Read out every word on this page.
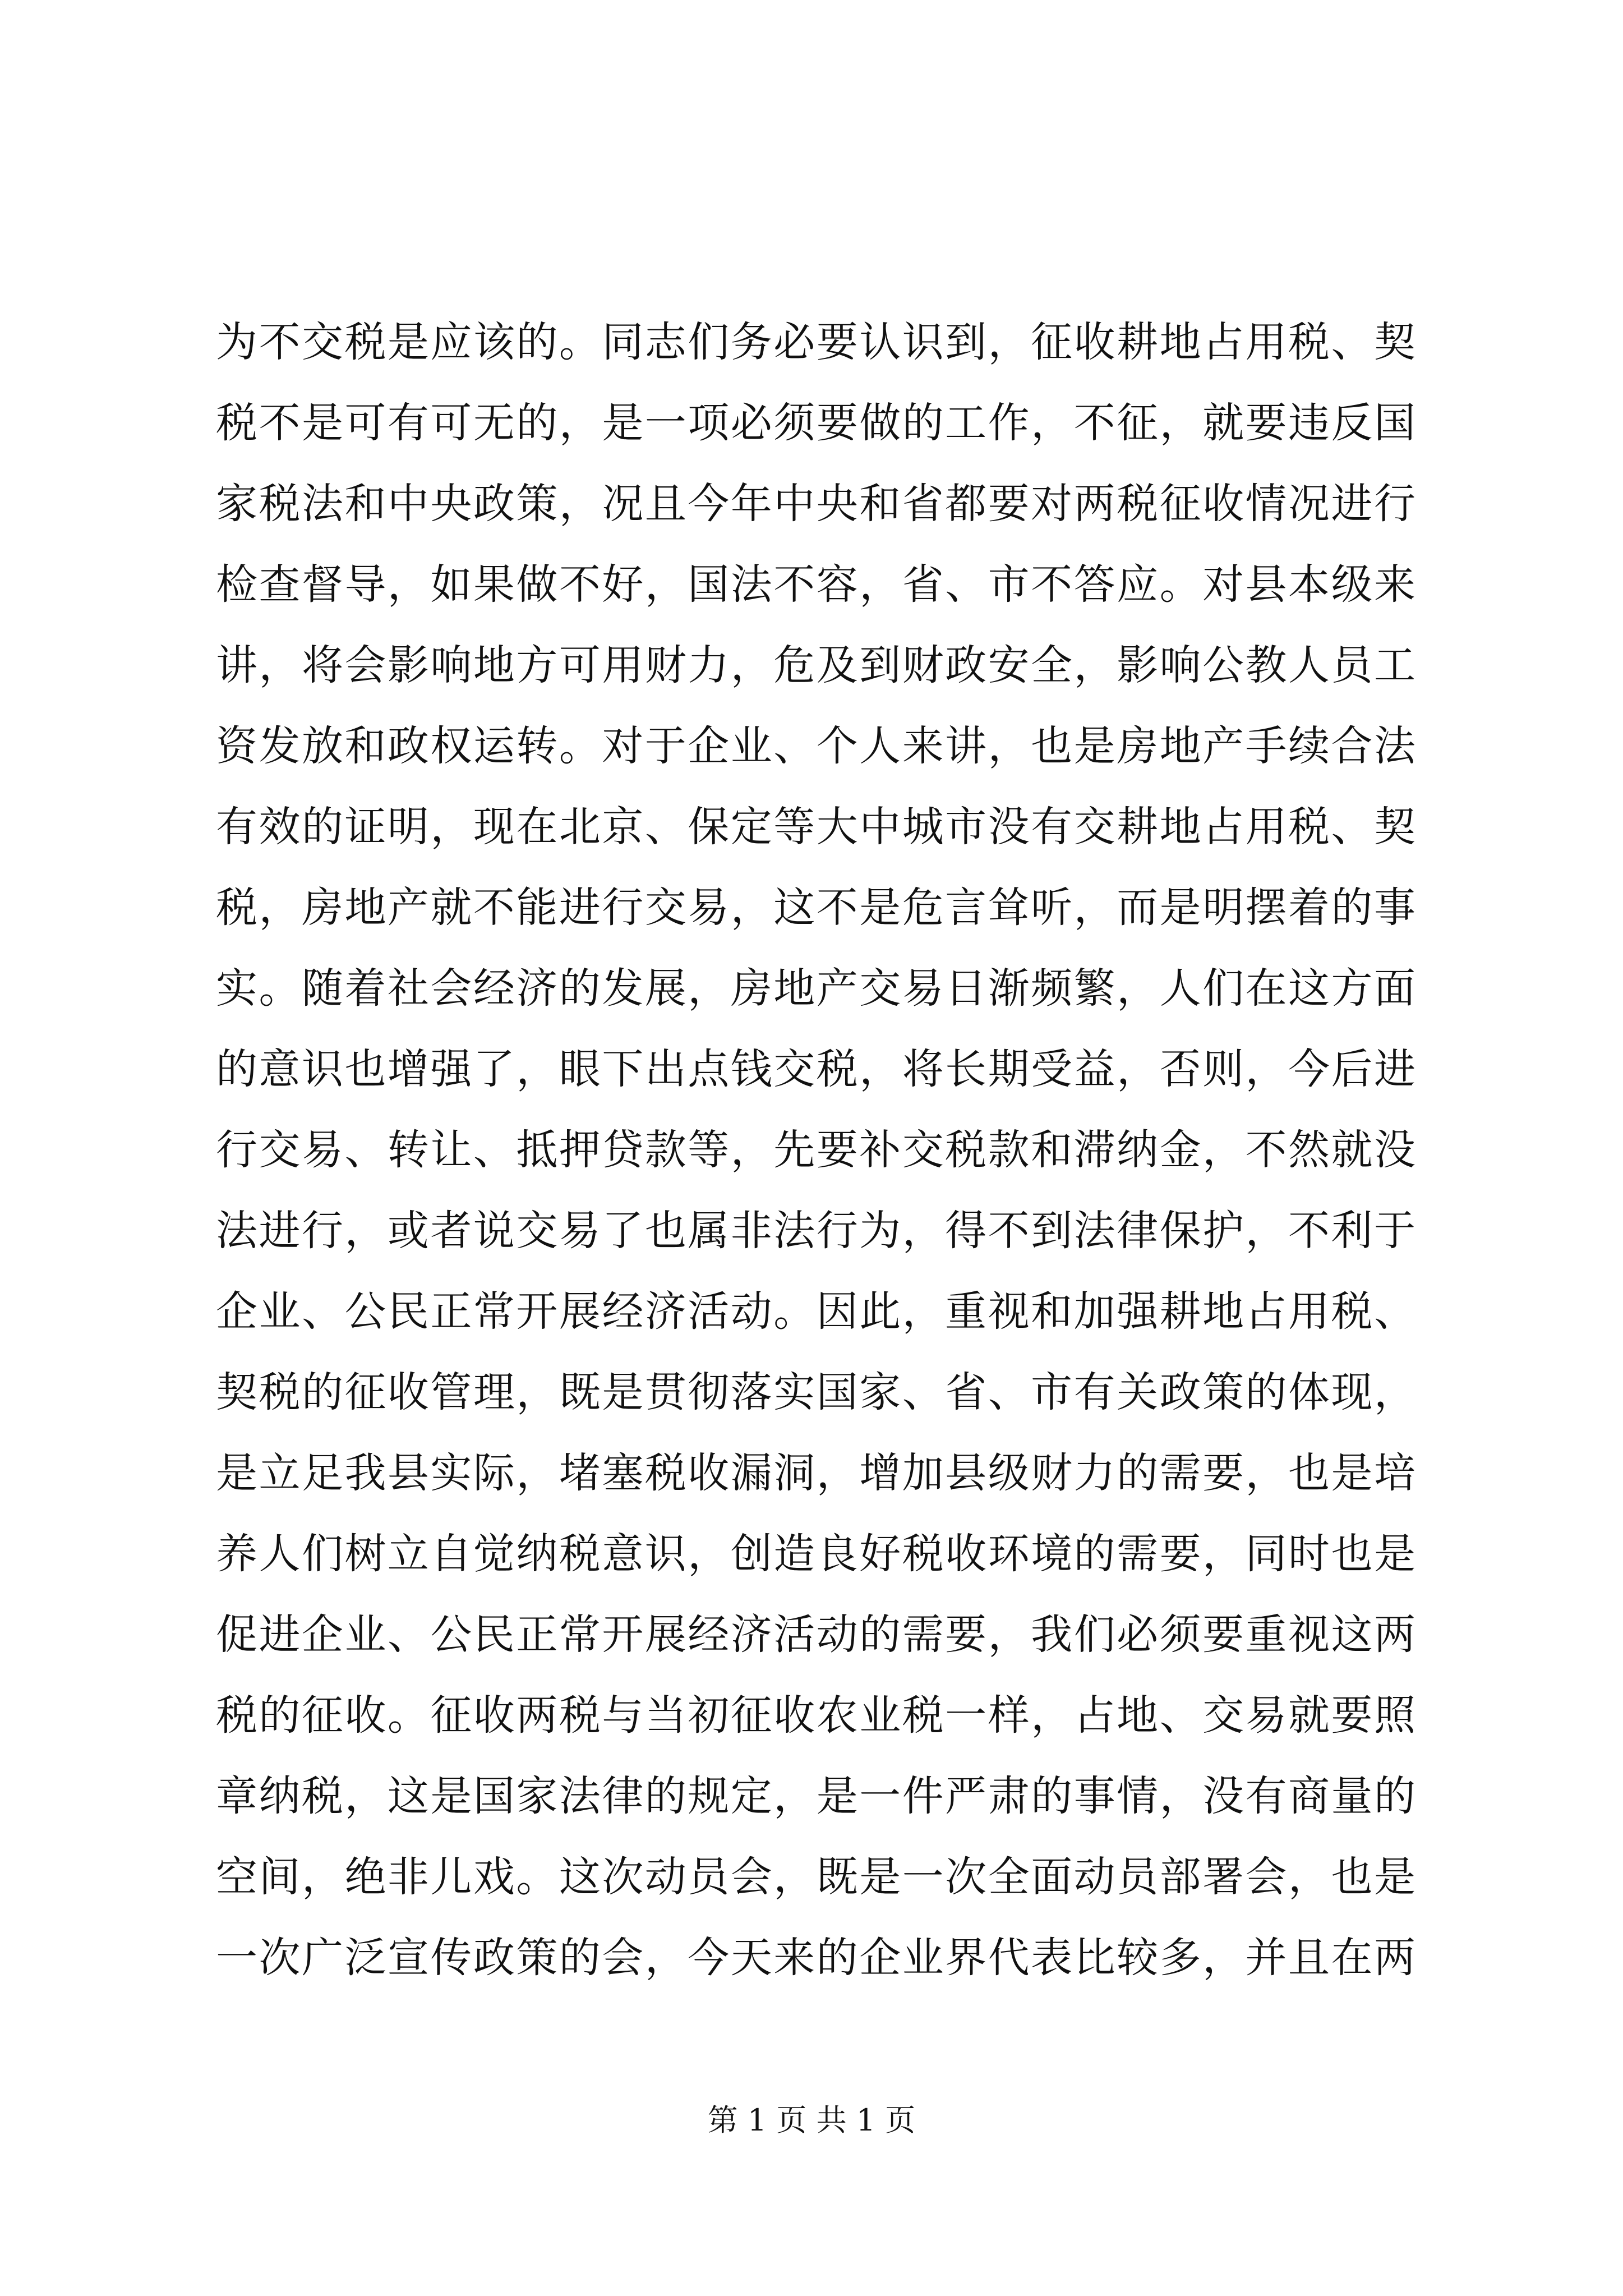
为不交税是应该的。同志们务必要认识到，征收耕地占用税、契
税不是可有可无的，是一项必须要做的工作，不征，就要违反国
家税法和中央政策，况且今年中央和省都要对两税征收情况进行
检查督导，如果做不好，国法不容，省、市不答应。对县本级来
讲，将会影响地方可用财力，危及到财政安全，影响公教人员工
资发放和政权运转。对于企业、个人来讲，也是房地产手续合法
有效的证明，现在北京、保定等大中城市没有交耕地占用税、契
税，房地产就不能进行交易，这不是危言耸听，而是明摆着的事
实。随着社会经济的发展，房地产交易日渐频繁，人们在这方面
的意识也增强了，眼下出点钱交税，将长期受益，否则，今后进
行交易、转让、抵押贷款等，先要补交税款和滞纳金，不然就没
法进行，或者说交易了也属非法行为，得不到法律保护，不利于
企业、公民正常开展经济活动。因此，重视和加强耕地占用税、
契税的征收管理，既是贯彻落实国家、省、市有关政策的体现，
是立足我县实际，堵塞税收漏洞，增加县级财力的需要，也是培
养人们树立自觉纳税意识，创造良好税收环境的需要，同时也是
促进企业、公民正常开展经济活动的需要，我们必须要重视这两
税的征收。征收两税与当初征收农业税一样，占地、交易就要照
章纳税，这是国家法律的规定，是一件严肃的事情，没有商量的
空间，绝非儿戏。这次动员会，既是一次全面动员部署会，也是
一次广泛宣传政策的会，今天来的企业界代表比较多，并且在两
第 1 页 共 1 页
